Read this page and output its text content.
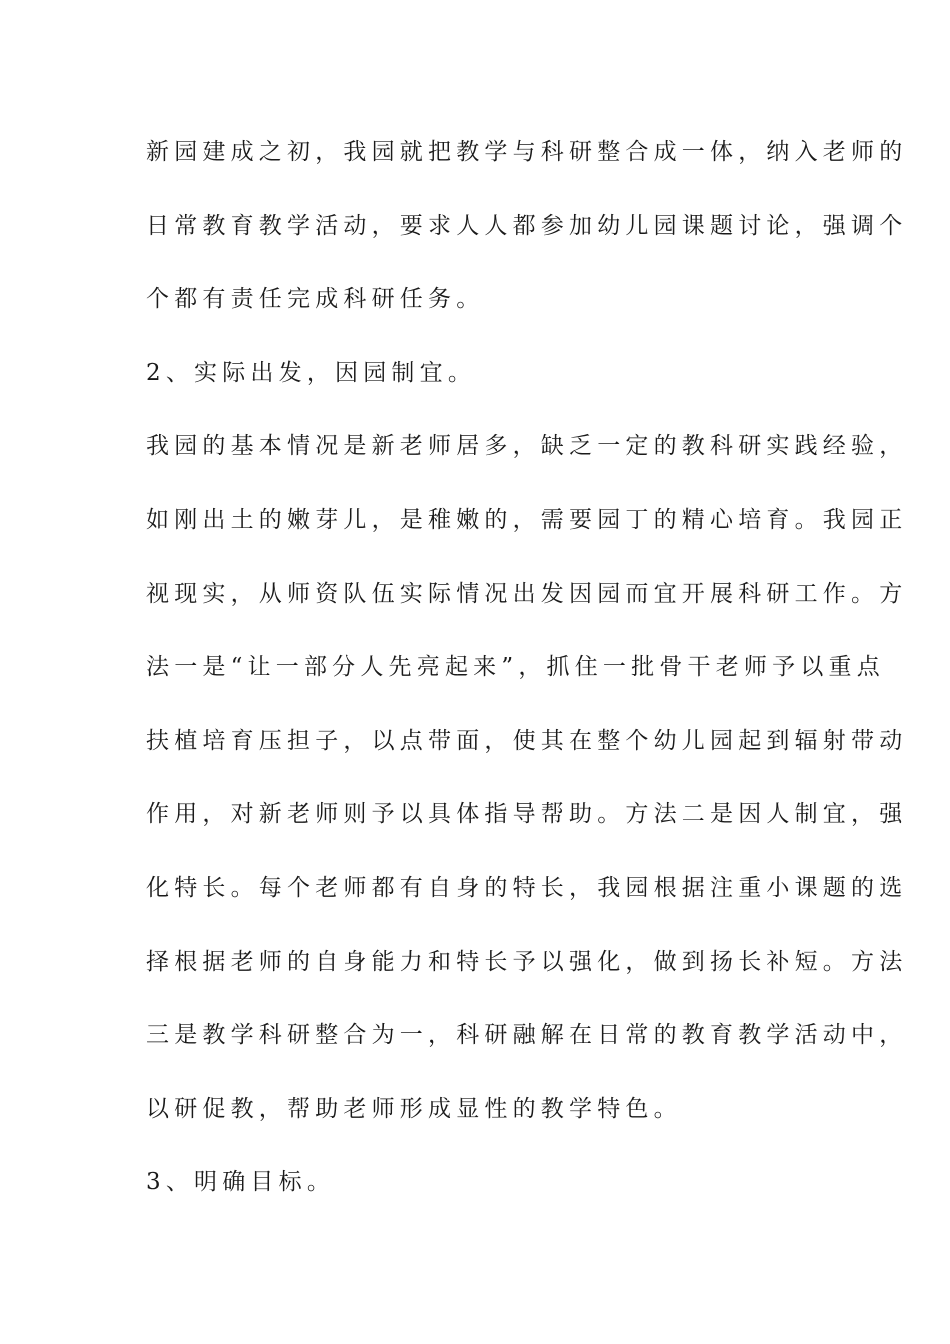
新园建成之初，我园就把教学与科研整合成一体，纳入老师的
日常教育教学活动，要求人人都参加幼儿园课题讨论，强调个
个都有责任完成科研任务。
2、实际出发，因园制宜。
我园的基本情况是新老师居多，缺乏一定的教科研实践经验，
如刚出土的嫩芽儿，是稚嫩的，需要园丁的精心培育。我园正
视现实，从师资队伍实际情况出发因园而宜开展科研工作。方
法一是“让一部分人先亮起来”，抓住一批骨干老师予以重点
扶植培育压担子，以点带面，使其在整个幼儿园起到辐射带动
作用，对新老师则予以具体指导帮助。方法二是因人制宜，强
化特长。每个老师都有自身的特长，我园根据注重小课题的选
择根据老师的自身能力和特长予以强化，做到扬长补短。方法
三是教学科研整合为一，科研融解在日常的教育教学活动中，
以研促教，帮助老师形成显性的教学特色。
3、明确目标。
